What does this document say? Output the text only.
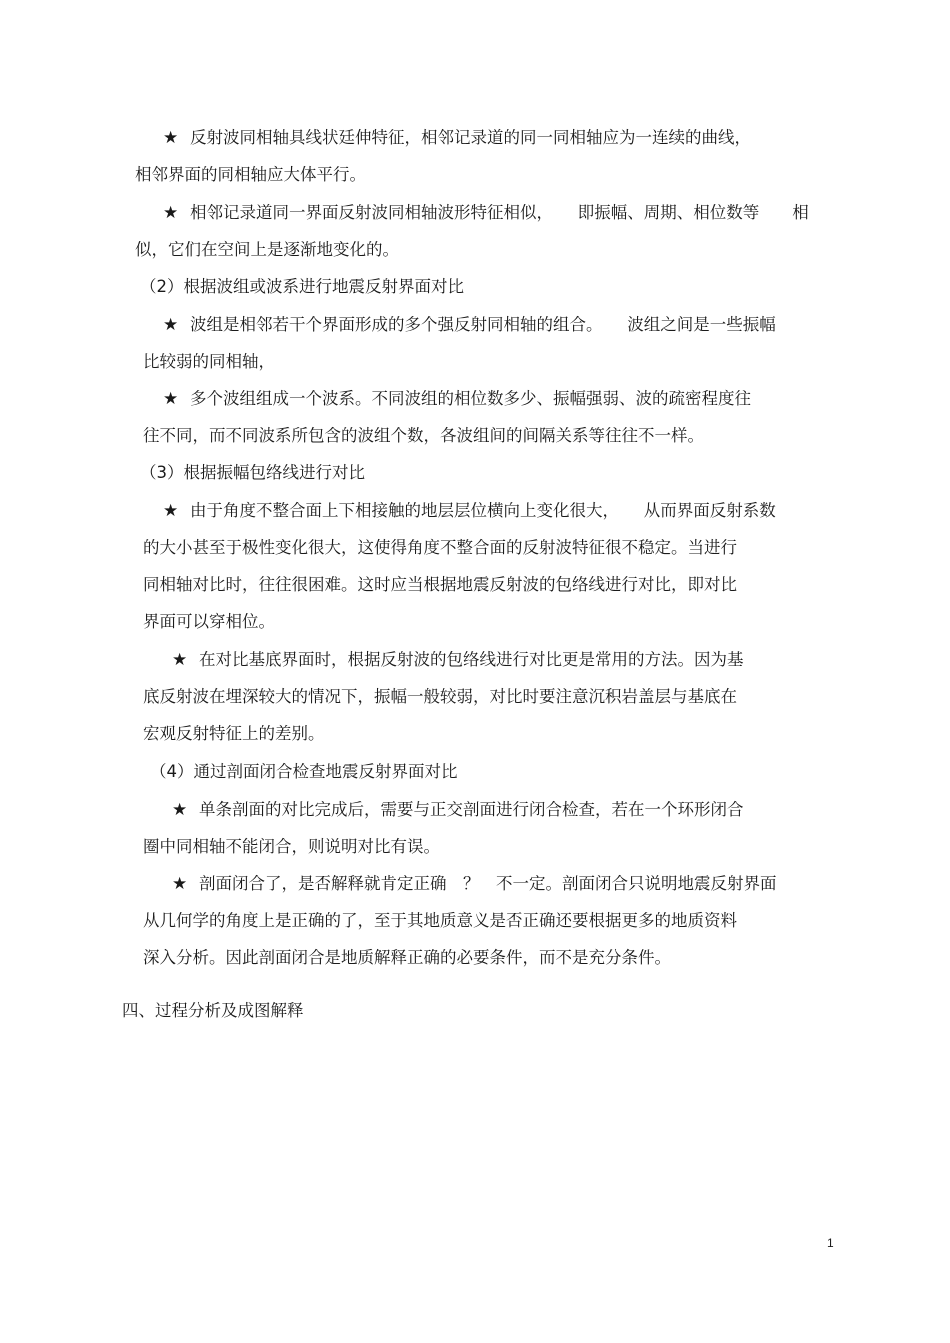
★ 反射波同相轴具线状廷伸特征，相邻记录道的同一同相轴应为一连续的曲线，
相邻界面的同相轴应大体平行。
★ 相邻记录道同一界面反射波同相轴波形特征相似，　　即振幅、周期、相位数等　　相
似，它们在空间上是逐渐地变化的。
（2）根据波组或波系进行地震反射界面对比
★ 波组是相邻若干个界面形成的多个强反射同相轴的组合。　　波组之间是一些振幅
比较弱的同相轴，
★ 多个波组组成一个波系。不同波组的相位数多少、振幅强弱、波的疏密程度往
往不同，而不同波系所包含的波组个数，各波组间的间隔关系等往往不一样。
（3）根据振幅包络线进行对比
★ 由于角度不整合面上下相接触的地层层位横向上变化很大，　　从而界面反射系数
的大小甚至于极性变化很大，这使得角度不整合面的反射波特征很不稳定。当进行
同相轴对比时，往往很困难。这时应当根据地震反射波的包络线进行对比，即对比
界面可以穿相位。
★ 在对比基底界面时，根据反射波的包络线进行对比更是常用的方法。因为基
底反射波在埋深较大的情况下，振幅一般较弱，对比时要注意沉积岩盖层与基底在
宏观反射特征上的差别。
（4）通过剖面闭合检查地震反射界面对比
★ 单条剖面的对比完成后，需要与正交剖面进行闭合检查，若在一个环形闭合
圈中同相轴不能闭合，则说明对比有误。
★ 剖面闭合了，是否解释就肯定正确　？　不一定。剖面闭合只说明地震反射界面
从几何学的角度上是正确的了，至于其地质意义是否正确还要根据更多的地质资料
深入分析。因此剖面闭合是地质解释正确的必要条件，而不是充分条件。
四、过程分析及成图解释
1
